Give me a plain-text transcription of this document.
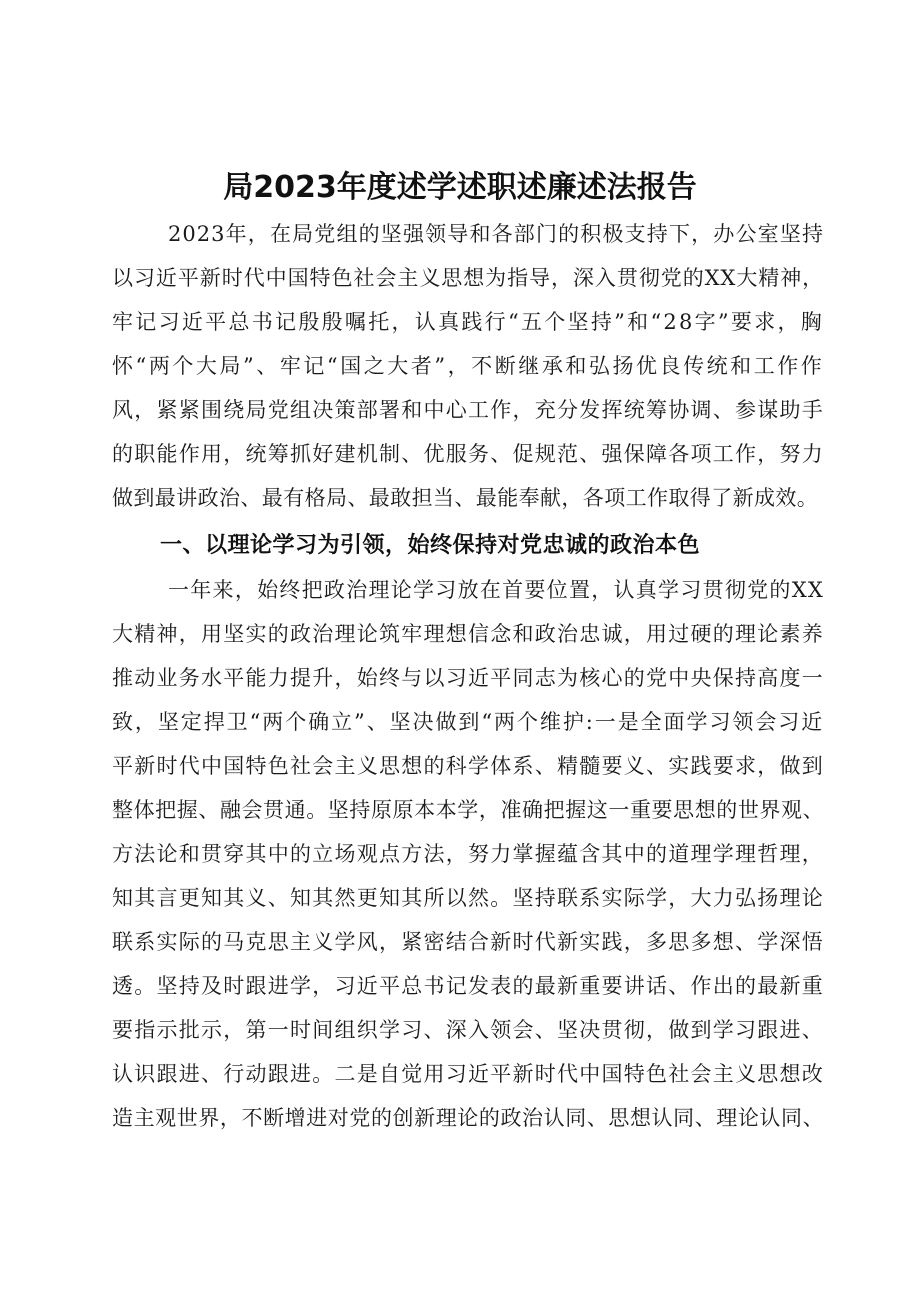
局2023年度述学述职述廉述法报告
2023年，在局党组的坚强领导和各部门的积极支持下，办公室坚持
以习近平新时代中国特色社会主义思想为指导，深入贯彻党的XX大精神，
牢记习近平总书记殷殷嘱托，认真践行“五个坚持”和“28字”要求，胸
怀“两个大局”、牢记“国之大者”，不断继承和弘扬优良传统和工作作
风，紧紧围绕局党组决策部署和中心工作，充分发挥统筹协调、参谋助手
的职能作用，统筹抓好建机制、优服务、促规范、强保障各项工作，努力
做到最讲政治、最有格局、最敢担当、最能奉献，各项工作取得了新成效。
一、以理论学习为引领，始终保持对党忠诚的政治本色
一年来，始终把政治理论学习放在首要位置，认真学习贯彻党的XX
大精神，用坚实的政治理论筑牢理想信念和政治忠诚，用过硬的理论素养
推动业务水平能力提升，始终与以习近平同志为核心的党中央保持高度一
致，坚定捍卫“两个确立”、坚决做到“两个维护:一是全面学习领会习近
平新时代中国特色社会主义思想的科学体系、精髓要义、实践要求，做到
整体把握、融会贯通。坚持原原本本学，准确把握这一重要思想的世界观、
方法论和贯穿其中的立场观点方法，努力掌握蕴含其中的道理学理哲理，
知其言更知其义、知其然更知其所以然。坚持联系实际学，大力弘扬理论
联系实际的马克思主义学风，紧密结合新时代新实践，多思多想、学深悟
透。坚持及时跟进学，习近平总书记发表的最新重要讲话、作出的最新重
要指示批示，第一时间组织学习、深入领会、坚决贯彻，做到学习跟进、
认识跟进、行动跟进。二是自觉用习近平新时代中国特色社会主义思想改
造主观世界，不断增进对党的创新理论的政治认同、思想认同、理论认同、
